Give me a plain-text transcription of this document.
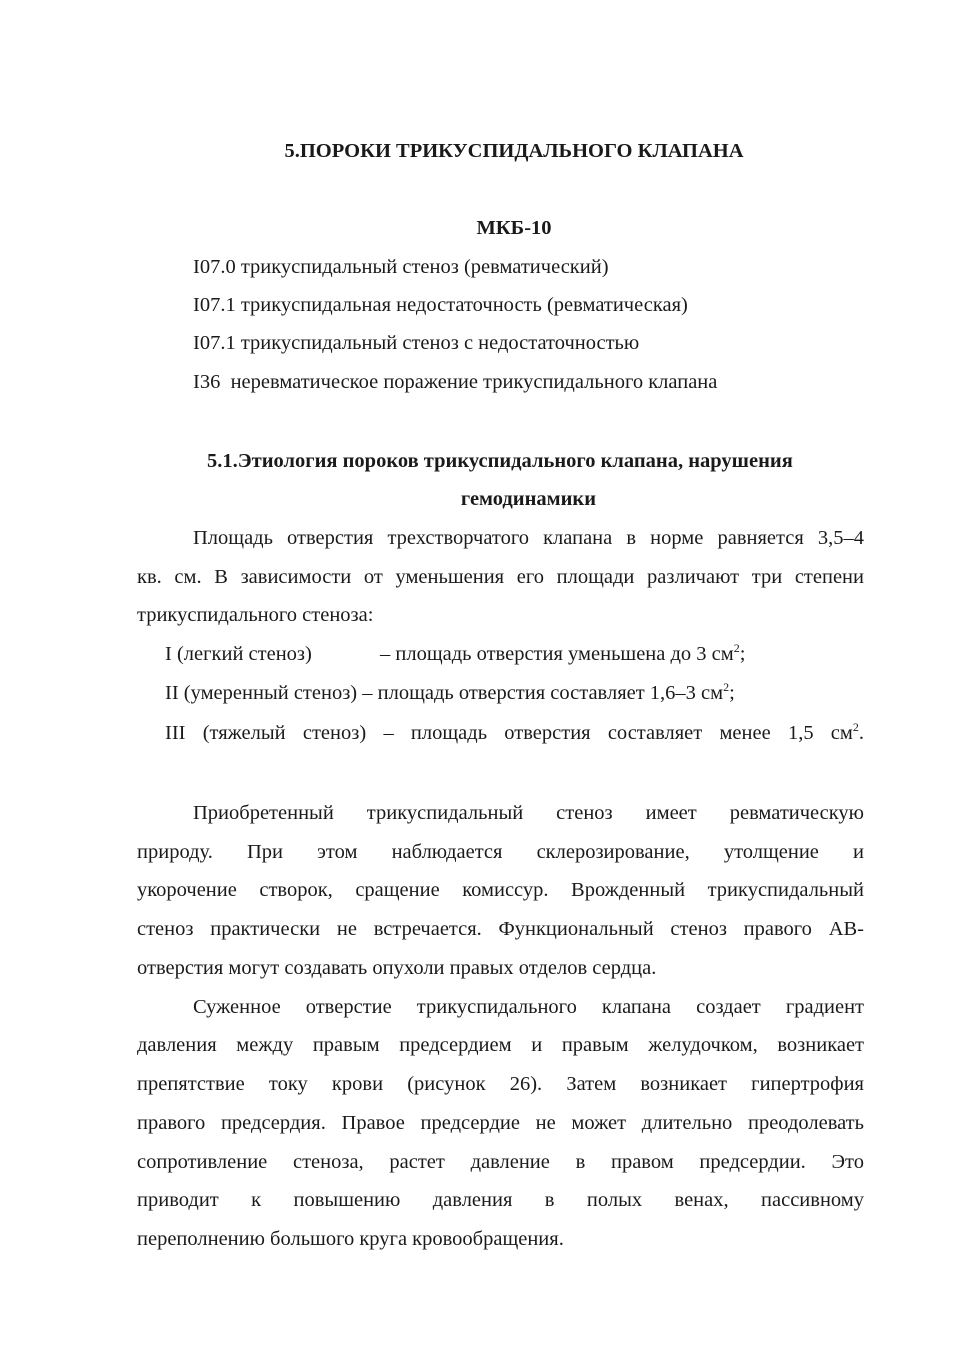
5.ПОРОКИ ТРИКУСПИДАЛЬНОГО КЛАПАНА
МКБ-10
I07.0 трикуспидальный стеноз (ревматический)
I07.1 трикуспидальная недостаточность (ревматическая)
I07.1 трикуспидальный стеноз с недостаточностью
I36  неревматическое поражение трикуспидального клапана
5.1.Этиология пороков трикуспидального клапана, нарушения
гемодинамики
Площадь отверстия трехстворчатого клапана в норме равняется 3,5–4
кв. см. В зависимости от уменьшения его площади различают три степени
трикуспидального стеноза:
I (легкий стеноз)	– площадь отверстия уменьшена до 3 $см^2$;
II (умеренный стеноз) – площадь отверстия составляет 1,6–3 $см^2$;
III (тяжелый стеноз) – площадь отверстия составляет менее 1,5 $см^2$.
Приобретенный трикуспидальный стеноз имеет ревматическую
природу. При этом наблюдается склерозирование, утолщение и
укорочение створок, сращение комиссур. Врожденный трикуспидальный
стеноз практически не встречается. Функциональный стеноз правого АВ-
отверстия могут создавать опухоли правых отделов сердца.
Суженное отверстие трикуспидального клапана создает градиент
давления между правым предсердием и правым желудочком, возникает
препятствие току крови (рисунок 26). Затем возникает гипертрофия
правого предсердия. Правое предсердие не может длительно преодолевать
сопротивление стеноза, растет давление в правом предсердии. Это
приводит к повышению давления в полых венах, пассивному
переполнению большого круга кровообращения.
